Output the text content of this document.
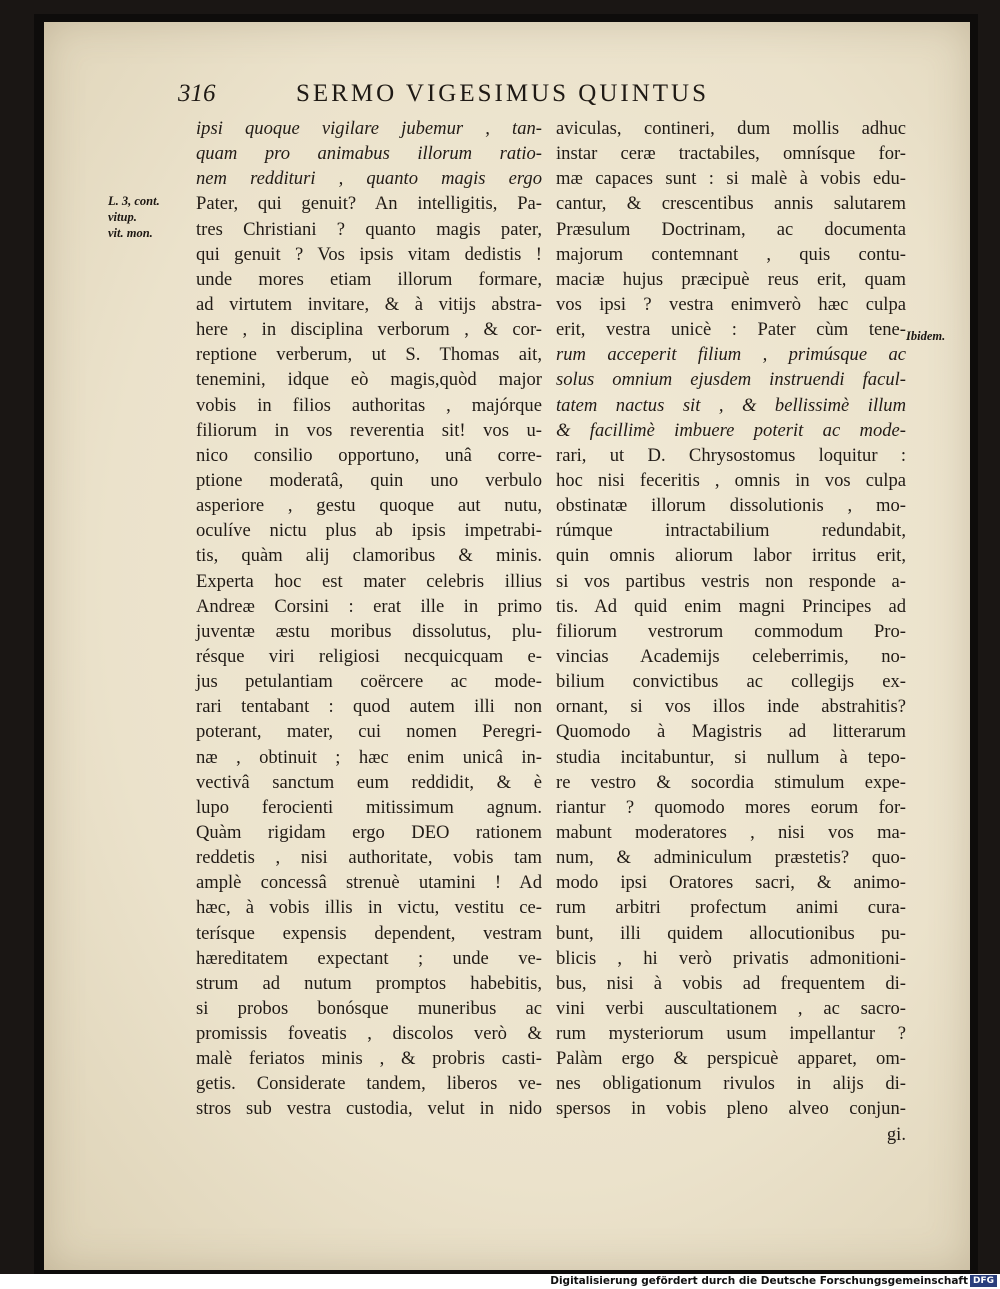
316	SERMO VIGESIMUS QUINTUS
L. 3, cont.
vitup.
vit. mon.
Ibidem.
ipsi quoque vigilare jubemur , tan-
quam pro animabus illorum ratio-
nem reddituri , quanto magis ergo
Pater, qui genuit? An intelligitis, Pa-
tres Christiani ? quanto magis pater,
qui genuit ? Vos ipsis vitam dedistis !
unde mores etiam illorum formare,
ad virtutem invitare, & à vitijs abstra-
here , in disciplina verborum , & cor-
reptione verberum, ut S. Thomas ait,
tenemini, idque eò magis,quòd major
vobis in filios authoritas , majórque
filiorum in vos reverentia sit! vos u-
nico consilio opportuno, unâ corre-
ptione moderatâ, quin uno verbulo
asperiore , gestu quoque aut nutu,
oculíve nictu plus ab ipsis impetrabi-
tis, quàm alij clamoribus & minis.
Experta hoc est mater celebris illius
Andreæ Corsini : erat ille in primo
juventæ æstu moribus dissolutus, plu-
résque viri religiosi necquicquam e-
jus petulantiam coërcere ac mode-
rari tentabant : quod autem illi non
poterant, mater, cui nomen Peregri-
næ , obtinuit ; hæc enim unicâ in-
vectivâ sanctum eum reddidit, & è
lupo ferocienti mitissimum agnum.
Quàm rigidam ergo DEO rationem
reddetis , nisi authoritate, vobis tam
amplè concessâ strenuè utamini ! Ad
hæc, à vobis illis in victu, vestitu ce-
terísque expensis dependent, vestram
hæreditatem expectant ; unde ve-
strum ad nutum promptos habebitis,
si probos bonósque muneribus ac
promissis foveatis , discolos verò &
malè feriatos minis , & probris casti-
getis. Considerate tandem, liberos ve-
stros sub vestra custodia, velut in nido
aviculas, contineri, dum mollis adhuc
instar ceræ tractabiles, omnísque for-
mæ capaces sunt : si malè à vobis edu-
cantur, & crescentibus annis salutarem
Præsulum Doctrinam, ac documenta
majorum contemnant , quis contu-
maciæ hujus præcipuè reus erit, quam
vos ipsi ? vestra enimverò hæc culpa
erit, vestra unicè : Pater cùm tene-
rum acceperit filium , primúsque ac
solus omnium ejusdem instruendi facul-
tatem nactus sit , & bellissimè illum
& facillimè imbuere poterit ac mode-
rari, ut D. Chrysostomus loquitur :
hoc nisi feceritis , omnis in vos culpa
obstinatæ illorum dissolutionis , mo-
rúmque intractabilium redundabit,
quin omnis aliorum labor irritus erit,
si vos partibus vestris non responde a-
tis. Ad quid enim magni Principes ad
filiorum vestrorum commodum Pro-
vincias Academijs celeberrimis, no-
bilium convictibus ac collegijs ex-
ornant, si vos illos inde abstrahitis?
Quomodo à Magistris ad litterarum
studia incitabuntur, si nullum à tepo-
re vestro & socordia stimulum expe-
riantur ? quomodo mores eorum for-
mabunt moderatores , nisi vos ma-
num, & adminiculum præstetis? quo-
modo ipsi Oratores sacri, & animo-
rum arbitri profectum animi cura-
bunt, illi quidem allocutionibus pu-
blicis , hi verò privatis admonitioni-
bus, nisi à vobis ad frequentem di-
vini verbi auscultationem , ac sacro-
rum mysteriorum usum impellantur ?
Palàm ergo & perspicuè apparet, om-
nes obligationum rivulos in alijs di-
spersos in vobis pleno alveo conjun-
gi.
Digitalisierung gefördert durch die Deutsche Forschungsgemeinschaft DFG
